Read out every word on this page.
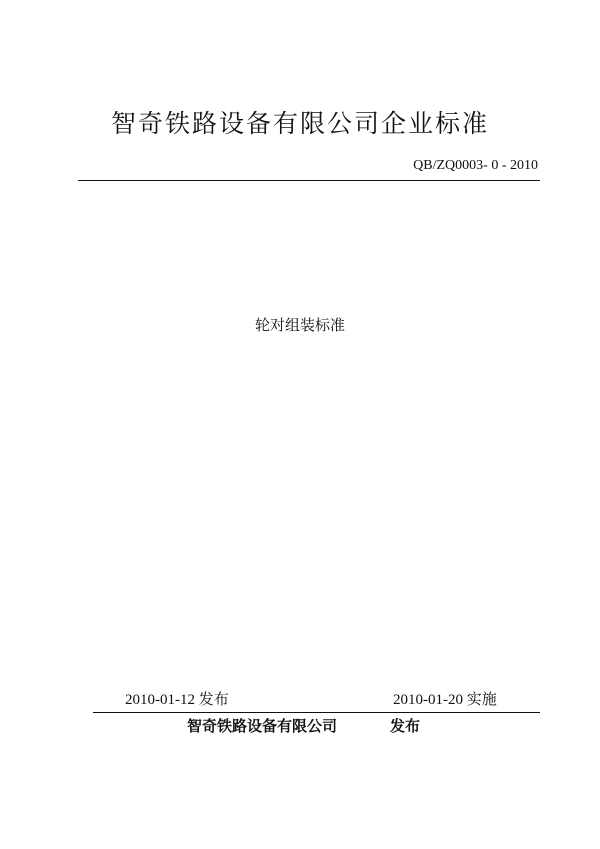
智奇铁路设备有限公司企业标准
QB/ZQ0003- 0 - 2010
轮对组装标准
2010-01-12 发布	2010-01-20 实施
智奇铁路设备有限公司	发布
